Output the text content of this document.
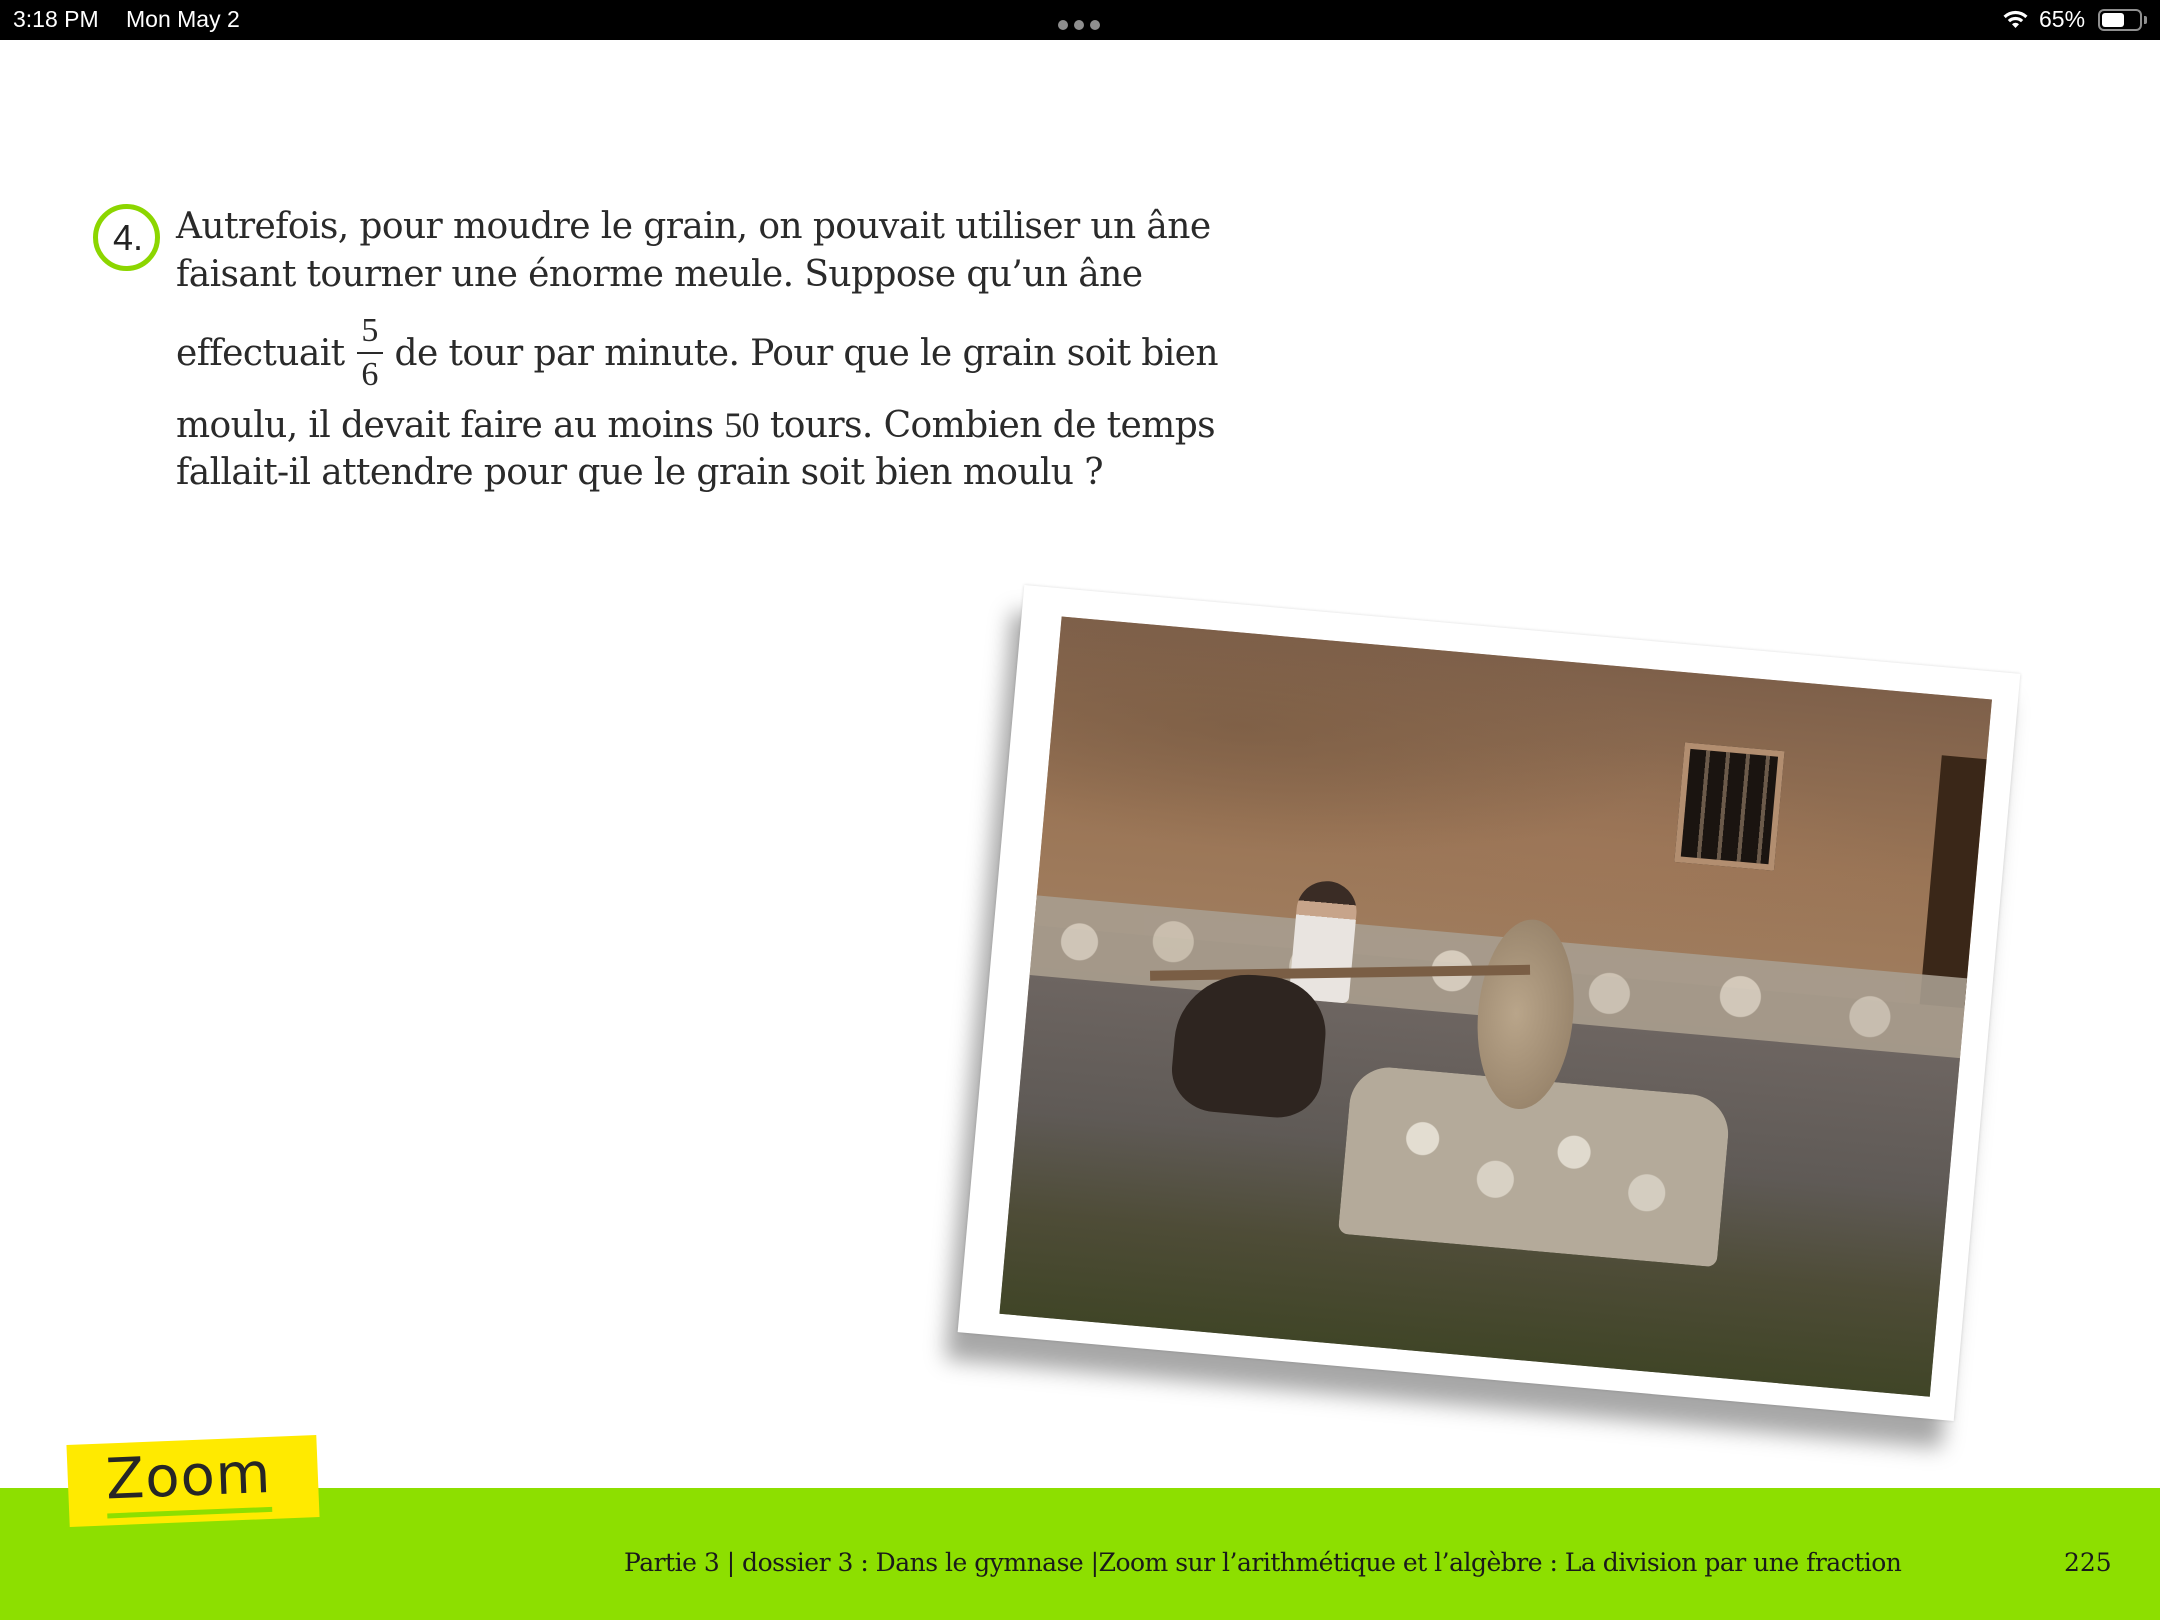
3:18 PM Mon May 2	65%
4. Autrefois, pour moudre le grain, on pouvait utiliser un âne
faisant tourner une énorme meule. Suppose qu’un âne
effectuait $\frac{5}{6}$ de tour par minute. Pour que le grain soit bien
moulu, il devait faire au moins 50 tours. Combien de temps
fallait-il attendre pour que le grain soit bien moulu ?
Zoom
Partie 3 | dossier 3 : Dans le gymnase |Zoom sur l’arithmétique et l’algèbre : La division par une fraction	225
